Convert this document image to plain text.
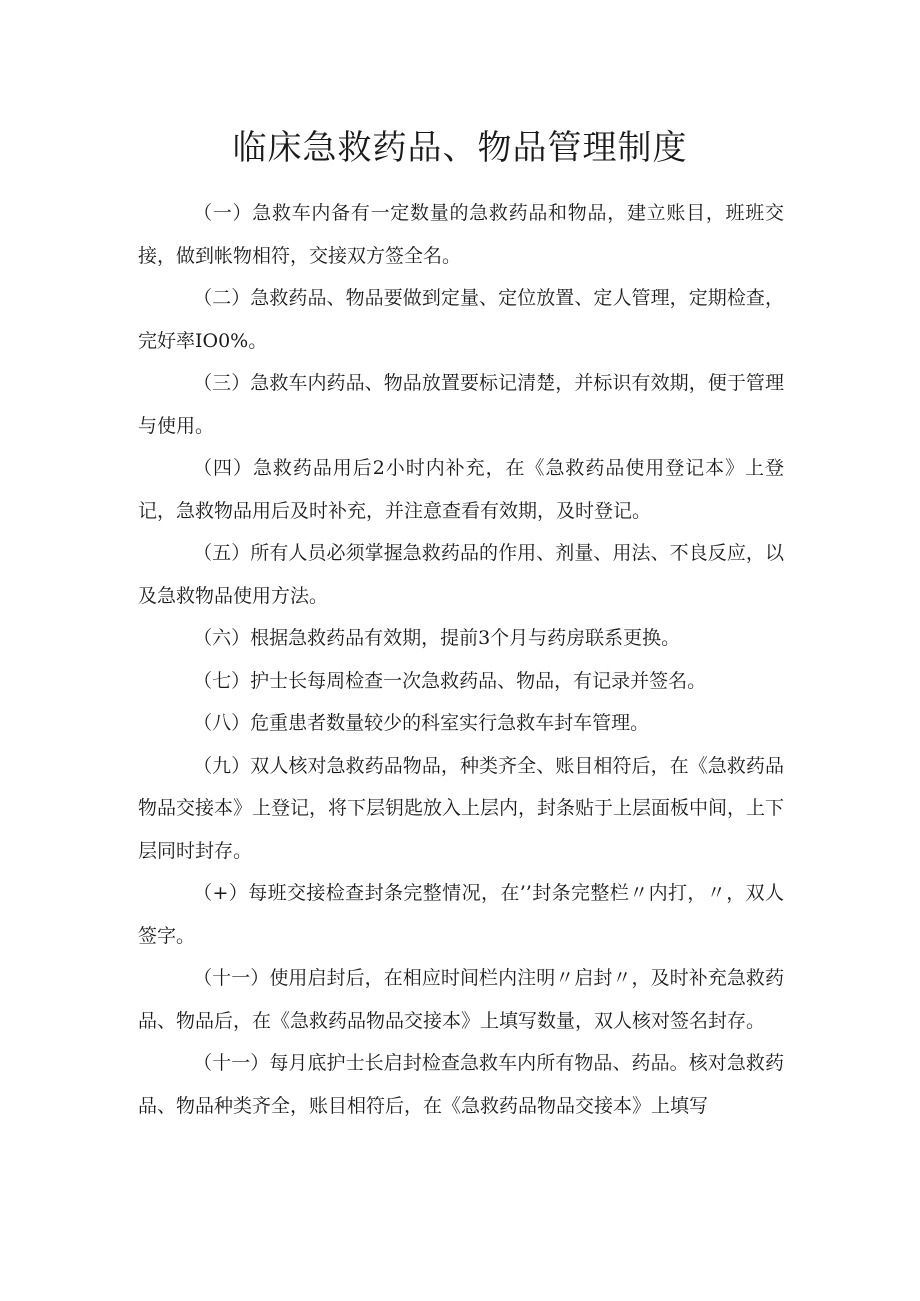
临床急救药品、物品管理制度

（一）急救车内备有一定数量的急救药品和物品，建立账目，班班交接，做到帐物相符，交接双方签全名。

（二）急救药品、物品要做到定量、定位放置、定人管理，定期检查，完好率IO0%。

（三）急救车内药品、物品放置要标记清楚，并标识有效期，便于管理与使用。

（四）急救药品用后2小时内补充，在《急救药品使用登记本》上登记，急救物品用后及时补充，并注意查看有效期，及时登记。

（五）所有人员必须掌握急救药品的作用、剂量、用法、不良反应，以及急救物品使用方法。

（六）根据急救药品有效期，提前3个月与药房联系更换。

（七）护士长每周检查一次急救药品、物品，有记录并签名。

（八）危重患者数量较少的科室实行急救车封车管理。

（九）双人核对急救药品物品，种类齐全、账目相符后，在《急救药品物品交接本》上登记，将下层钥匙放入上层内，封条贴于上层面板中间，上下层同时封存。

（+）每班交接检查封条完整情况，在’’封条完整栏〃内打，〃，双人签字。

（十一）使用启封后，在相应时间栏内注明〃启封〃，及时补充急救药品、物品后，在《急救药品物品交接本》上填写数量，双人核对签名封存。

（十一）每月底护士长启封检查急救车内所有物品、药品。核对急救药品、物品种类齐全，账目相符后，在《急救药品物品交接本》上填写
